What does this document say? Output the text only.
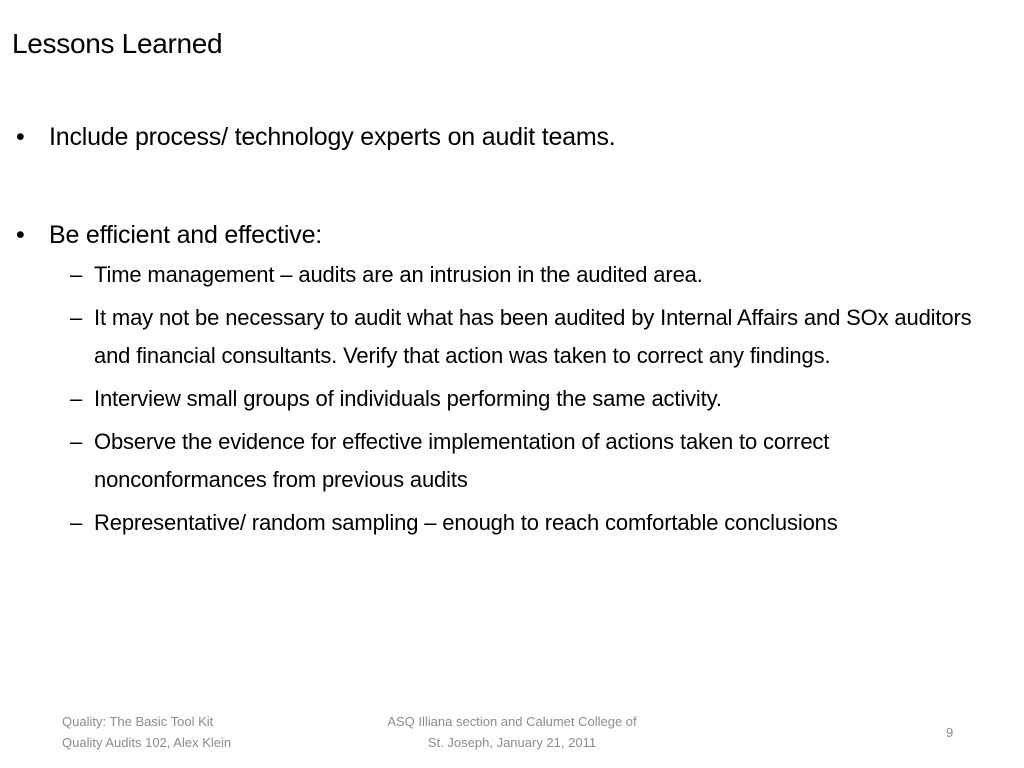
Lessons Learned
• Include process/ technology experts on audit teams.
• Be efficient and effective:
– Time management – audits are an intrusion in the audited area.
– It may not be necessary to audit what has been audited by Internal Affairs and SOx auditors and financial consultants. Verify that action was taken to correct any findings.
– Interview small groups of individuals performing the same activity.
– Observe the evidence for effective implementation of actions taken to correct nonconformances from previous audits
– Representative/ random sampling – enough to reach comfortable conclusions
Quality: The Basic Tool Kit
Quality Audits 102, Alex Klein
ASQ Illiana section and Calumet College of
St. Joseph, January 21, 2011
9
